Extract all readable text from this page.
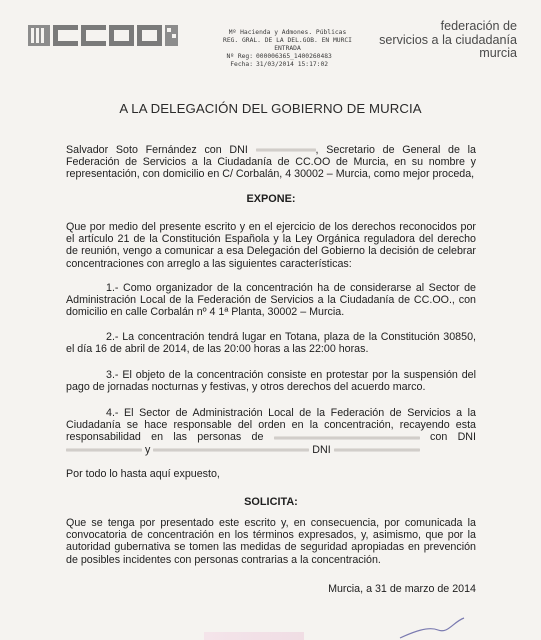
Mº Hacienda y Admones. Públicas
REG. GRAL. DE LA DEL.GOB. EN MURCI
ENTRADA
Nº Reg: 000006365_1400260483
Fecha: 31/03/2014 15:17:02
federación de
servicios a la ciudadanía
murcia
A LA DELEGACIÓN DEL GOBIERNO DE MURCIA

Salvador Soto Fernández con DNI	, Secretario de General de la Federación de Servicios a la Ciudadanía de CC.OO de Murcia, en su nombre y representación, con domicilio en C/ Corbalán, 4 30002 – Murcia, como mejor proceda,

EXPONE:

Que por medio del presente escrito y en el ejercicio de los derechos reconocidos por el artículo 21 de la Constitución Española y la Ley Orgánica reguladora del derecho de reunión, vengo a comunicar a esa Delegación del Gobierno la decisión de celebrar concentraciones con arreglo a las siguientes características:

1.- Como organizador de la concentración ha de considerarse al Sector de Administración Local de la Federación de Servicios a la Ciudadanía de CC.OO., con domicilio en calle Corbalán nº 4 1ª Planta, 30002 – Murcia.

2.- La concentración tendrá lugar en Totana, plaza de la Constitución 30850, el día 16 de abril de 2014, de las 20:00 horas a las 22:00 horas.

3.- El objeto de la concentración consiste en protestar por la suspensión del pago de jornadas nocturnas y festivas, y otros derechos del acuerdo marco.

4.- El Sector de Administración Local de la Federación de Servicios a la Ciudadanía se hace responsable del orden en la concentración, recayendo esta responsabilidad en las personas de	con DNI  y	DNI

Por todo lo hasta aquí expuesto,

SOLICITA:

Que se tenga por presentado este escrito y, en consecuencia, por comunicada la convocatoria de concentración en los términos expresados, y, asimismo, que por la autoridad gubernativa se tomen las medidas de seguridad apropiadas en prevención de posibles incidentes con personas contrarias a la concentración.

Murcia, a 31 de marzo de 2014
